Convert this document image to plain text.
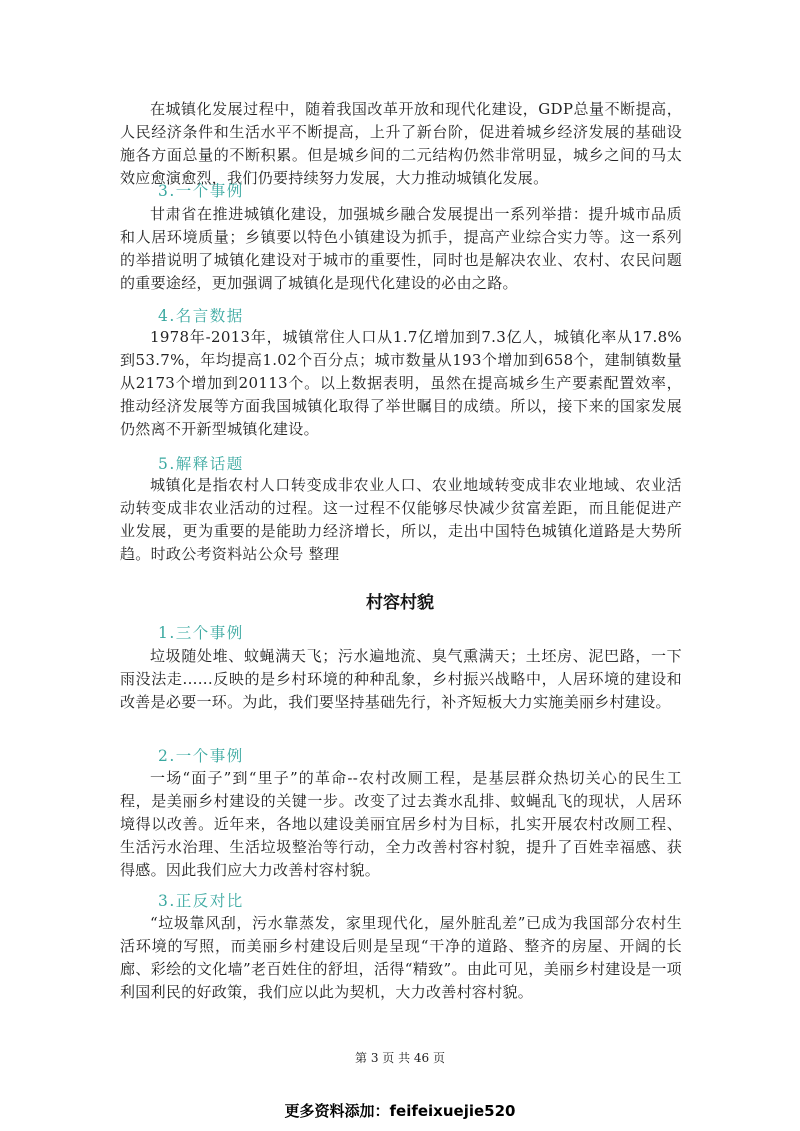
在城镇化发展过程中，随着我国改革开放和现代化建设，GDP总量不断提高，人民经济条件和生活水平不断提高，上升了新台阶，促进着城乡经济发展的基础设施各方面总量的不断积累。但是城乡间的二元结构仍然非常明显，城乡之间的马太效应愈演愈烈，我们仍要持续努力发展，大力推动城镇化发展。

3.一个事例

甘肃省在推进城镇化建设，加强城乡融合发展提出一系列举措：提升城市品质和人居环境质量；乡镇要以特色小镇建设为抓手，提高产业综合实力等。这一系列的举措说明了城镇化建设对于城市的重要性，同时也是解决农业、农村、农民问题的重要途经，更加强调了城镇化是现代化建设的必由之路。

4.名言数据

1978年-2013年，城镇常住人口从1.7亿增加到7.3亿人，城镇化率从17.8%到53.7%，年均提高1.02个百分点；城市数量从193个增加到658个，建制镇数量从2173个增加到20113个。以上数据表明，虽然在提高城乡生产要素配置效率，推动经济发展等方面我国城镇化取得了举世瞩目的成绩。所以，接下来的国家发展仍然离不开新型城镇化建设。

5.解释话题

城镇化是指农村人口转变成非农业人口、农业地域转变成非农业地域、农业活动转变成非农业活动的过程。这一过程不仅能够尽快减少贫富差距，而且能促进产业发展，更为重要的是能助力经济增长，所以，走出中国特色城镇化道路是大势所趋。时政公考资料站公众号 整理

村容村貌

1.三个事例

垃圾随处堆、蚊蝇满天飞；污水遍地流、臭气熏满天；土坯房、泥巴路，一下雨没法走......反映的是乡村环境的种种乱象，乡村振兴战略中，人居环境的建设和改善是必要一环。为此，我们要坚持基础先行，补齐短板大力实施美丽乡村建设。

2.一个事例

一场“面子”到“里子”的革命--农村改厕工程，是基层群众热切关心的民生工程，是美丽乡村建设的关键一步。改变了过去粪水乱排、蚊蝇乱飞的现状，人居环境得以改善。近年来，各地以建设美丽宜居乡村为目标，扎实开展农村改厕工程、生活污水治理、生活垃圾整治等行动，全力改善村容村貌，提升了百姓幸福感、获得感。因此我们应大力改善村容村貌。

3.正反对比

“垃圾靠风刮，污水靠蒸发，家里现代化，屋外脏乱差”已成为我国部分农村生活环境的写照，而美丽乡村建设后则是呈现“干净的道路、整齐的房屋、开阔的长廊、彩绘的文化墙”老百姓住的舒坦，活得“精致”。由此可见，美丽乡村建设是一项利国利民的好政策，我们应以此为契机，大力改善村容村貌。

第 3 页 共 46 页

更多资料添加：feifeixuejie520
